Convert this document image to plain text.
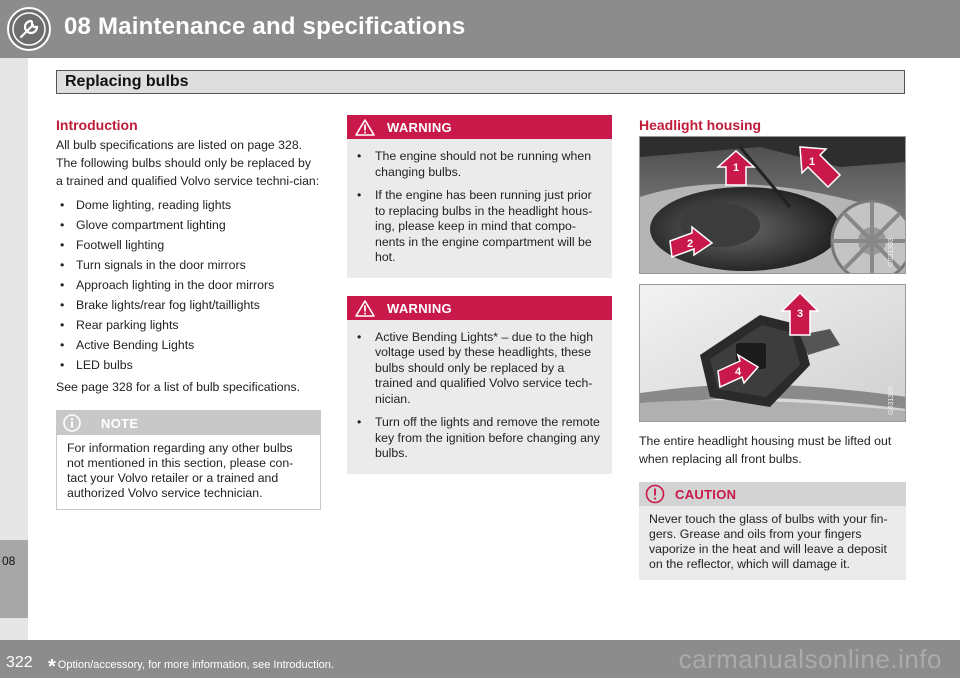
08 Maintenance and specifications
08
Replacing bulbs
Introduction
All bulb specifications are listed on page 328. The following bulbs should only be replaced by a trained and qualified Volvo service techni-cian:
• Dome lighting, reading lights
• Glove compartment lighting
• Footwell lighting
• Turn signals in the door mirrors
• Approach lighting in the door mirrors
• Brake lights/rear fog light/taillights
• Rear parking lights
• Active Bending Lights
• LED bulbs
See page 328 for a list of bulb specifications.
NOTE
For information regarding any other bulbs not mentioned in this section, please con-tact your Volvo retailer or a trained and authorized Volvo service technician.
WARNING
• The engine should not be running when changing bulbs.
• If the engine has been running just prior to replacing bulbs in the headlight hous-ing, please keep in mind that compo-nents in the engine compartment will be hot.
WARNING
• Active Bending Lights* – due to the high voltage used by these headlights, these bulbs should only be replaced by a trained and qualified Volvo service tech-nician.
• Turn off the lights and remove the remote key from the ignition before changing any bulbs.
Headlight housing
1	1
2	G031303
3
4
G031306
The entire headlight housing must be lifted out when replacing all front bulbs.
CAUTION
Never touch the glass of bulbs with your fin-gers. Grease and oils from your fingers vaporize in the heat and will leave a deposit on the reflector, which will damage it.
322 * Option/accessory, for more information, see Introduction.	carmanualsonline.info
